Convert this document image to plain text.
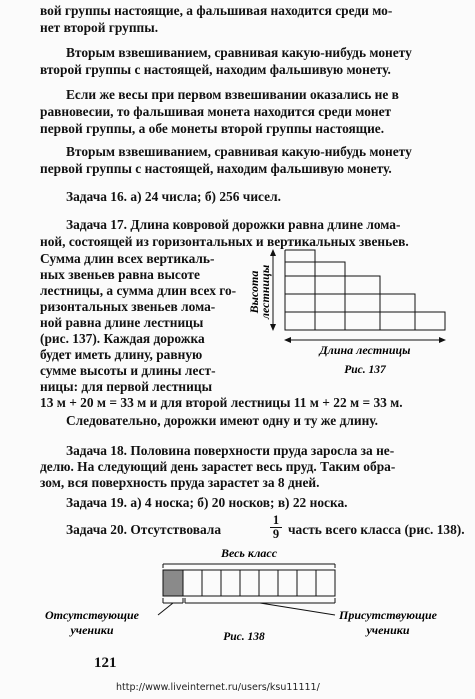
вой группы настоящие, а фальшивая находится среди мо-

нет второй группы.

Вторым взвешиванием, сравнивая какую-нибудь монету

второй группы с настоящей, находим фальшивую монету.

Если же весы при первом взвешивании оказались не в

равновесии, то фальшивая монета находится среди монет

первой группы, а обе монеты второй группы настоящие.

Вторым взвешиванием, сравнивая какую-нибудь монету

первой группы с настоящей, находим фальшивую монету.

Задача 16. а) 24 числа; б) 256 чисел.

Задача 17. Длина ковровой дорожки равна длине лома-

ной, состоящей из горизонтальных и вертикальных звеньев.

Сумма длин всех вертикаль-

ных звеньев равна высоте

лестницы, а сумма длин всех го-

ризонтальных звеньев лома-

ной равна длине лестницы

(рис. 137). Каждая дорожка

будет иметь длину, равную

сумме высоты и длины лест-

ницы: для первой лестницы

13 м + 20 м = 33 м и для второй лестницы 11 м + 22 м = 33 м.

Следовательно, дорожки имеют одну и ту же длину.

Высота
лестницы
Длина лестницы
Рис. 137

Задача 18. Половина поверхности пруда заросла за не-

делю. На следующий день зарастет весь пруд. Таким обра-

зом, вся поверхность пруда зарастет за 8 дней.

Задача 19. а) 4 носка; б) 20 носков; в) 22 носка.

Задача 20. Отсутствовала	$\frac{1}{9}$ часть всего класса (рис. 138).

Весь класс
Отсутствующие
ученики
Присутствующие
ученики
Рис. 138
121
http://www.liveinternet.ru/users/ksu11111/
